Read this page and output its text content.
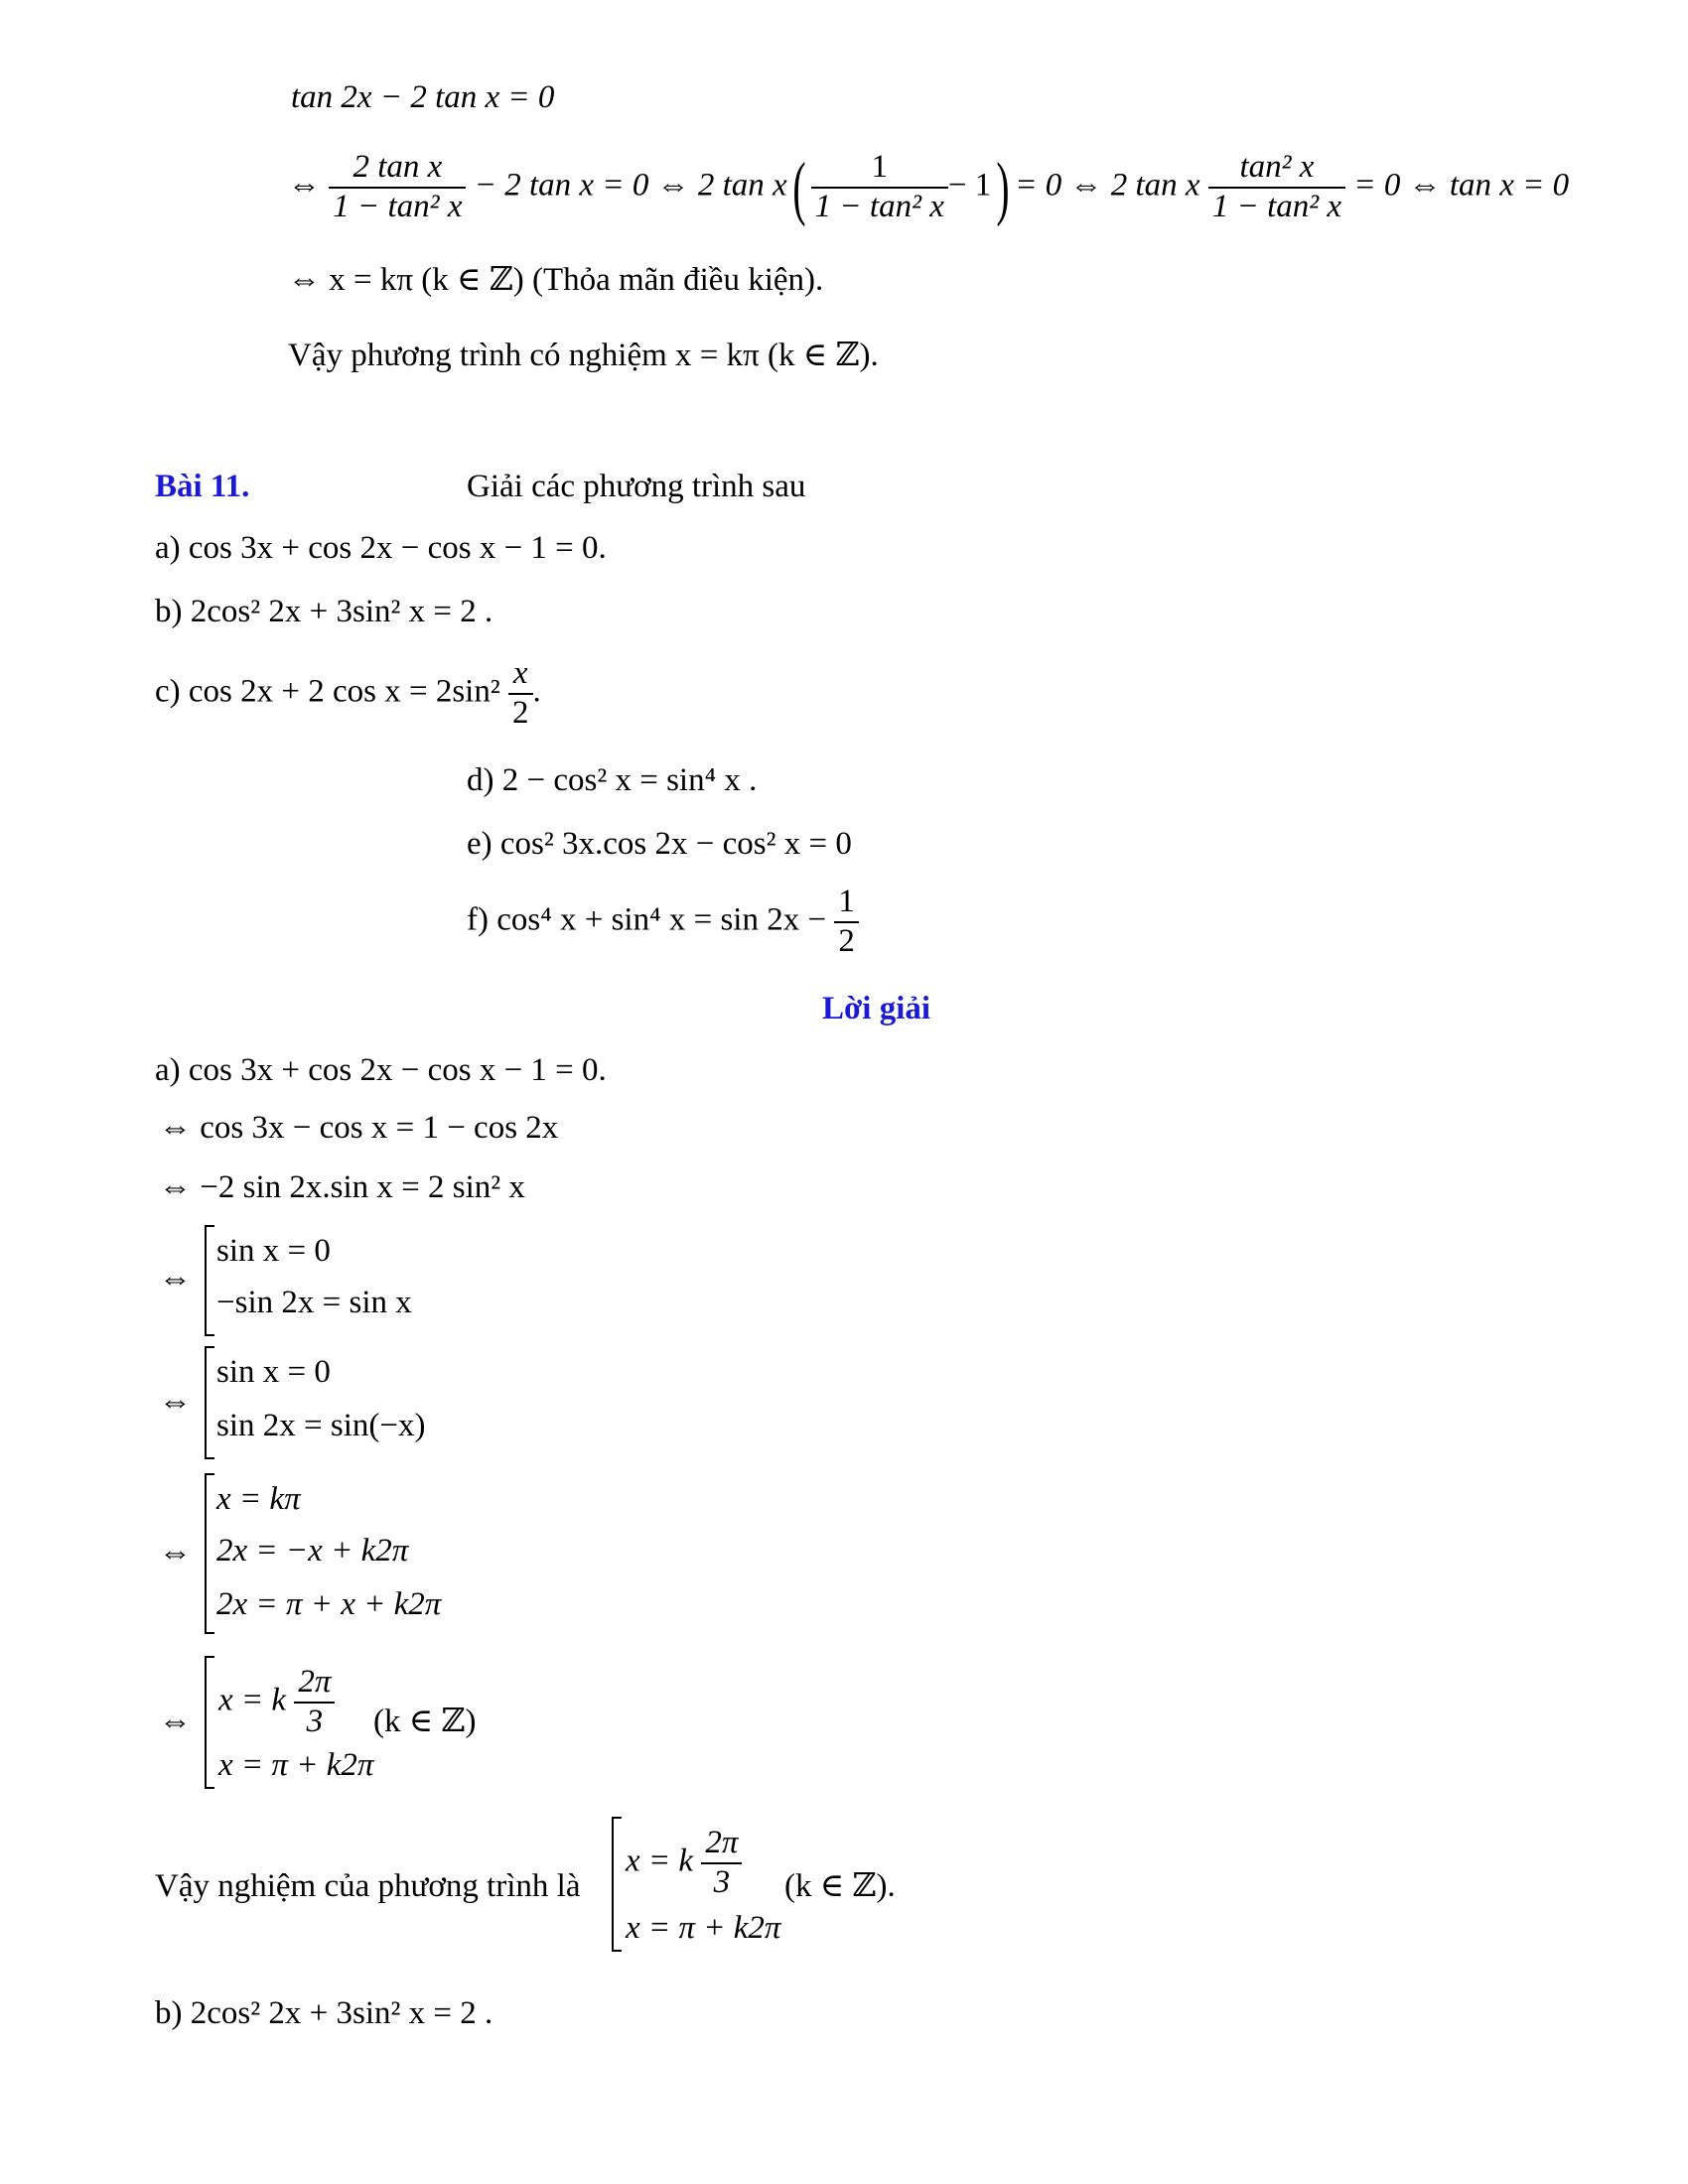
tan 2x − 2 tan x = 0
⇔ $\frac{\text{2 tan x}}{\text{1 − tan² x}} - 2$ tan x = 0 ⇔ 2 $\tan x( \frac{1}{\text{1 − tan² x}} - 1) = 0$ ⇔ 2 tan x $\frac{\text{tan² x}}{\text{1 − tan² x}} = 0$ ⇔ tan x = 0
⇔ x = kπ (k ∈ ℤ) (Thỏa mãn điều kiện).
Vậy phương trình có nghiệm x = kπ (k ∈ ℤ).
Bài 11.	Giải các phương trình sau
a) cos 3x + cos 2x − cos x − 1 = 0.
b) 2cos² 2x + 3sin² x = 2 .
c) cos 2x + 2 $\cos x = 2\sin^2 \frac{x}{2}$ .
d) 2 − cos² x = sin⁴ x .
e) cos² 3x.cos 2x − cos² x = 0
f) cos⁴ x + sin⁴ $x = \sin 2x - \frac{1}{2}$
Lời giải
a) cos 3x + cos 2x − cos x − 1 = 0.
⇔ cos 3x − cos x = 1 − cos 2x
⇔ −2 sin 2x.sin x = 2 sin² x
⇔
sin x = 0
−sin 2x = sin x
⇔
sin x = 0
sin 2x = sin(−x)
⇔
x = kπ
2x = −x + k2π
2x = π + x + k2π
⇔
x = k $\frac{2\pi}{3} (k$ ∈ ℤ)
x = π + k2π
Vậy nghiệm của phương trình là
x = k $\frac{2\pi}{3} (k$ ∈ ℤ).
x = π + k2π
b) 2cos² 2x + 3sin² x = 2 .
